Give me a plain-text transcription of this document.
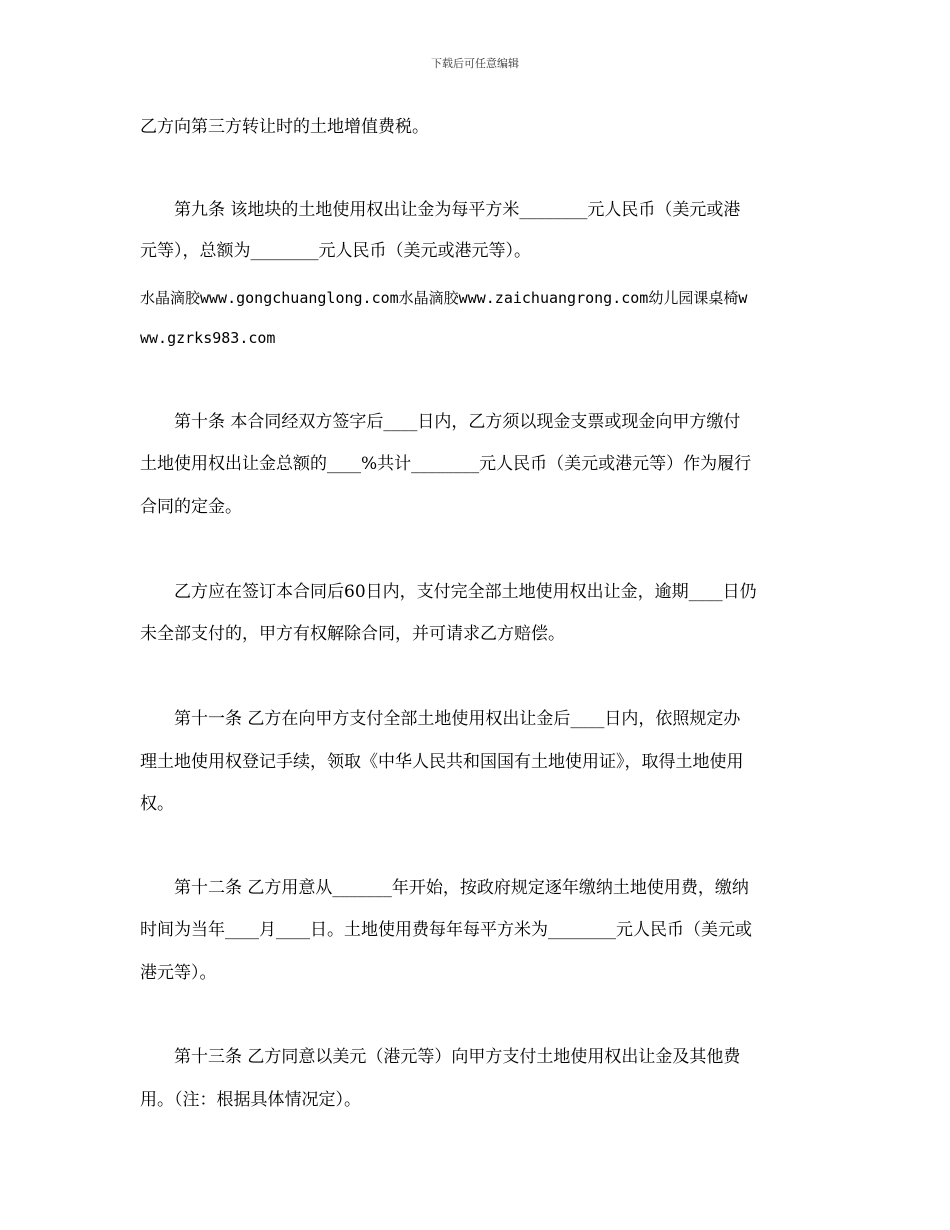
下载后可任意编辑
乙方向第三方转让时的土地增值费税。
　　第九条 该地块的土地使用权出让金为每平方米________元人民币（美元或港
元等），总额为________元人民币（美元或港元等）。
水晶滴胶www.gongchuanglong.com水晶滴胶www.zaichuangrong.com幼儿园课桌椅w
ww.gzrks983.com
　　第十条 本合同经双方签字后____日内，乙方须以现金支票或现金向甲方缴付
土地使用权出让金总额的____%共计________元人民币（美元或港元等）作为履行
合同的定金。
　　乙方应在签订本合同后60日内，支付完全部土地使用权出让金，逾期____日仍
未全部支付的，甲方有权解除合同，并可请求乙方赔偿。
　　第十一条 乙方在向甲方支付全部土地使用权出让金后____日内，依照规定办
理土地使用权登记手续，领取《中华人民共和国国有土地使用证》，取得土地使用
权。
　　第十二条 乙方用意从_______年开始，按政府规定逐年缴纳土地使用费，缴纳
时间为当年____月____日。土地使用费每年每平方米为________元人民币（美元或
港元等）。
　　第十三条 乙方同意以美元（港元等）向甲方支付土地使用权出让金及其他费
用。（注：根据具体情况定）。
